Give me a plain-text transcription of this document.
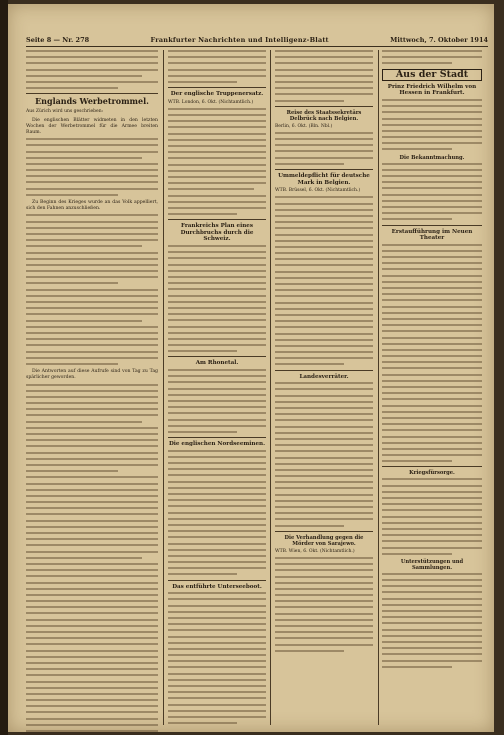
Seite 8 — Nr. 278	Frankfurter Nachrichten und Intelligenz-Blatt	Mittwoch, 7. Oktober 1914
Englands Werbetrommel.

Aus Zürich wird uns geschrieben:

Die englischen Blätter widmeten in den letzten Wochen der Werbetrommel für die Armee breiten Raum.

Zu Beginn des Krieges wurde an das Volk appelliert, sich den Fahnen anzuschließen.

Die Antworten auf diese Aufrufe sind von Tag zu Tag spärlicher geworden.

Der englische Truppenersatz.

WTB. London, 6. Okt. (Nichtamtlich.)

Frankreichs Plan eines Durchbruchs durch die Schweiz.
Am Rhonetal.
Die englischen Nordseeminen.
Das entführte Unterseeboot.
Reise des Staatssekretärs Delbrück nach Belgien.

Berlin, 6. Okt. (Bln. Nbl.)

Ummeldepflicht für deutsche Mark in Belgien.

WTB. Brüssel, 6. Okt. (Nichtamtlich.)

Landesverräter.
Die Verhandlung gegen die Mörder von Sarajewo.

WTB. Wien, 6. Okt. (Nichtamtlich.)

Aus der Stadt
Prinz Friedrich Wilhelm von Hessen in Frankfurt.
Die Bekanntmachung.
Erstaufführung im Neuen Theater
Kriegsfürsorge.
Unterstützungen und Sammlungen.
